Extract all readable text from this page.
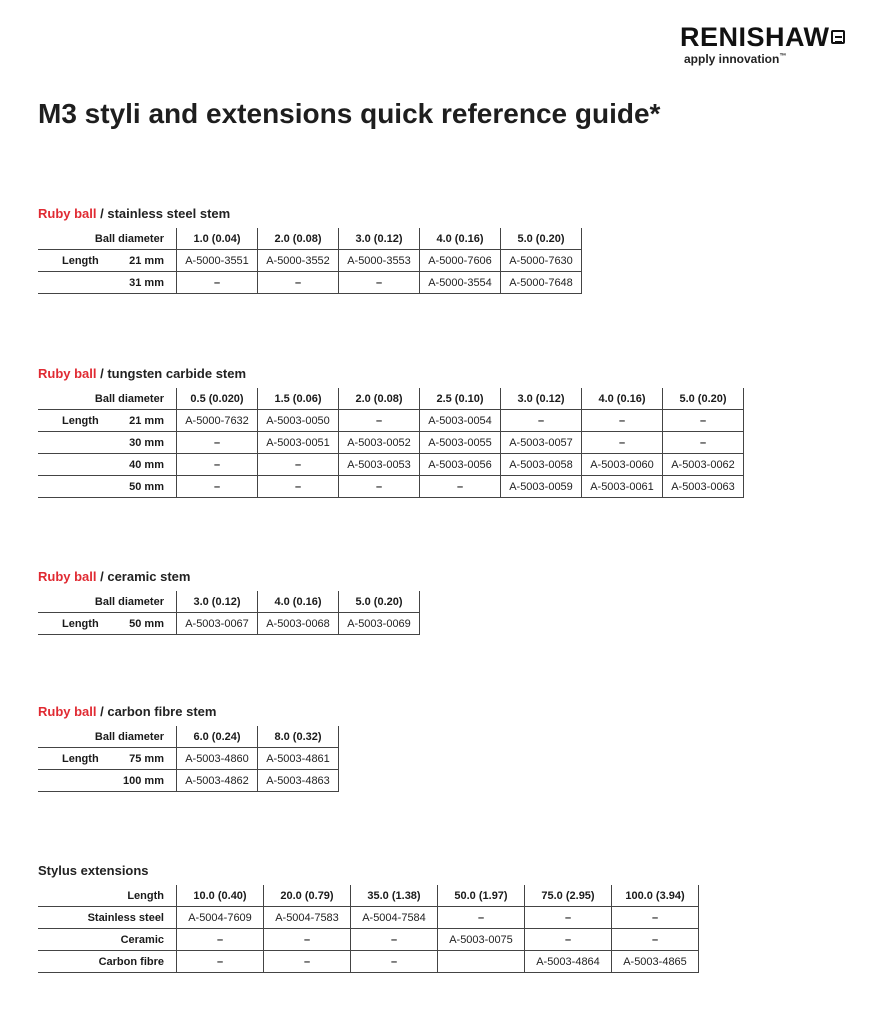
RENISHAW
apply innovation™
M3 styli and extensions quick reference guide*
Ruby ball / stainless steel stem
Ball diameter	1.0 (0.04)	2.0 (0.08)	3.0 (0.12)	4.0 (0.16)	5.0 (0.20)

Length 21 mm	A-5000-3551	A-5000-3552	A-5000-3553	A-5000-7606	A-5000-7630

31 mm	–	–	–	A-5000-3554	A-5000-7648
Ruby ball / tungsten carbide stem
Ball diameter	0.5 (0.020)	1.5 (0.06)	2.0 (0.08)	2.5 (0.10)	3.0 (0.12)	4.0 (0.16)	5.0 (0.20)

Length 21 mm	A-5000-7632	A-5003-0050	–	A-5003-0054	–	–	–

30 mm	–	A-5003-0051	A-5003-0052	A-5003-0055	A-5003-0057	–	–

40 mm	–	–	A-5003-0053	A-5003-0056	A-5003-0058	A-5003-0060	A-5003-0062

50 mm	–	–	–	–	A-5003-0059	A-5003-0061	A-5003-0063
Ruby ball / ceramic stem
Ball diameter	3.0 (0.12)	4.0 (0.16)	5.0 (0.20)

Length 50 mm	A-5003-0067	A-5003-0068	A-5003-0069
Ruby ball / carbon fibre stem
Ball diameter	6.0 (0.24)	8.0 (0.32)

Length 75 mm	A-5003-4860	A-5003-4861

100 mm	A-5003-4862	A-5003-4863
Stylus extensions
Length	10.0 (0.40)	20.0 (0.79)	35.0 (1.38)	50.0 (1.97)	75.0 (2.95)	100.0 (3.94)

Stainless steel	A-5004-7609	A-5004-7583	A-5004-7584	–	–	–

Ceramic	–	–	–	A-5003-0075	–	–

Carbon fibre	–	–	–		A-5003-4864	A-5003-4865
